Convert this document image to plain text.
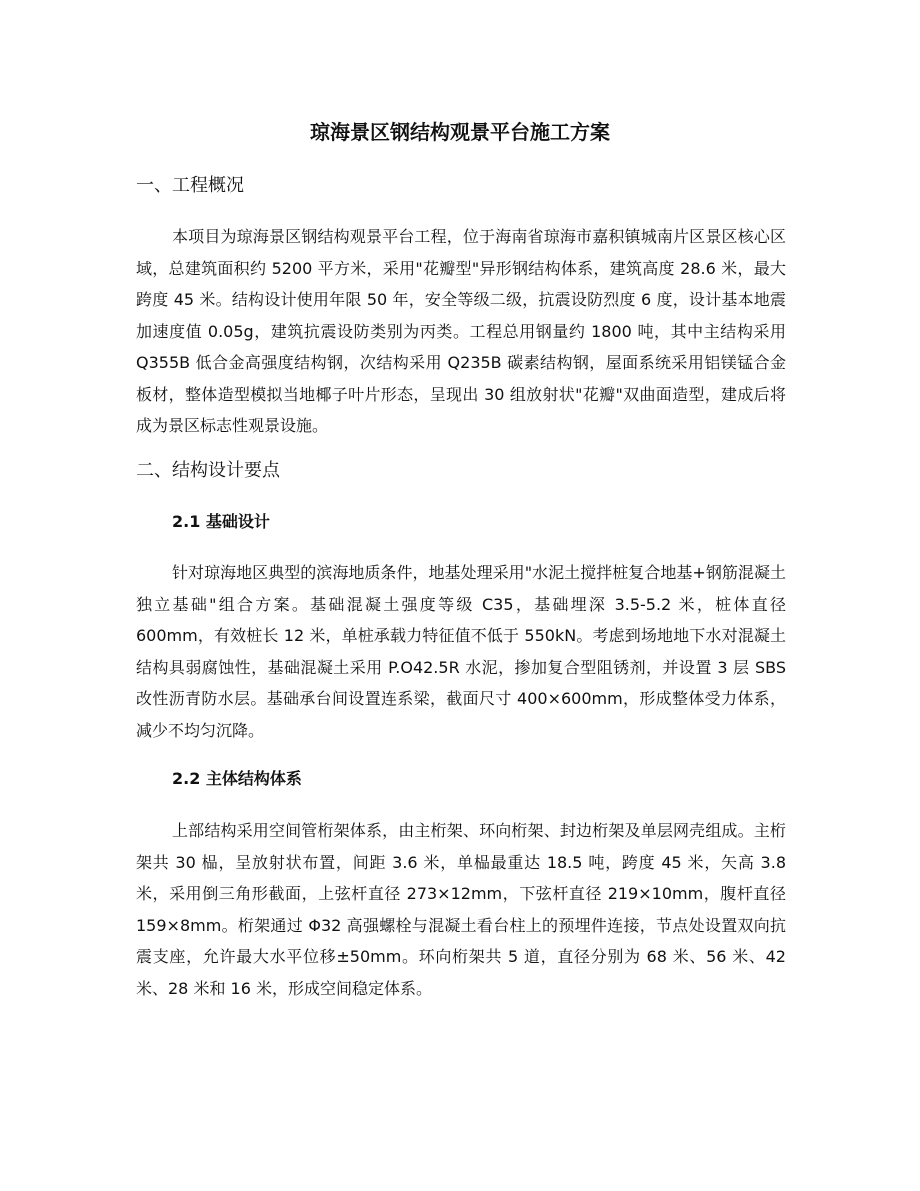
琼海景区钢结构观景平台施工方案
一、工程概况

本项目为琼海景区钢结构观景平台工程，位于海南省琼海市嘉积镇城南片区景区核心区域，总建筑面积约 5200 平方米，采用"花瓣型"异形钢结构体系，建筑高度 28.6 米，最大跨度 45 米。结构设计使用年限 50 年，安全等级二级，抗震设防烈度 6 度，设计基本地震加速度值 0.05g，建筑抗震设防类别为丙类。工程总用钢量约 1800 吨，其中主结构采用 Q355B 低合金高强度结构钢，次结构采用 Q235B 碳素结构钢，屋面系统采用铝镁锰合金板材，整体造型模拟当地椰子叶片形态，呈现出 30 组放射状"花瓣"双曲面造型，建成后将成为景区标志性观景设施。

二、结构设计要点
2.1 基础设计

针对琼海地区典型的滨海地质条件，地基处理采用"水泥土搅拌桩复合地基+钢筋混凝土独立基础"组合方案。基础混凝土强度等级 C35，基础埋深 3.5-5.2 米，桩体直径 600mm，有效桩长 12 米，单桩承载力特征值不低于 550kN。考虑到场地地下水对混凝土结构具弱腐蚀性，基础混凝土采用 P.O42.5R 水泥，掺加复合型阻锈剂，并设置 3 层 SBS 改性沥青防水层。基础承台间设置连系梁，截面尺寸 400×600mm，形成整体受力体系，减少不均匀沉降。

2.2 主体结构体系

上部结构采用空间管桁架体系，由主桁架、环向桁架、封边桁架及单层网壳组成。主桁架共 30 榀，呈放射状布置，间距 3.6 米，单榀最重达 18.5 吨，跨度 45 米，矢高 3.8 米，采用倒三角形截面，上弦杆直径 273×12mm，下弦杆直径 219×10mm，腹杆直径 159×8mm。桁架通过 Φ32 高强螺栓与混凝土看台柱上的预埋件连接，节点处设置双向抗震支座，允许最大水平位移±50mm。环向桁架共 5 道，直径分别为 68 米、56 米、42 米、28 米和 16 米，形成空间稳定体系。
